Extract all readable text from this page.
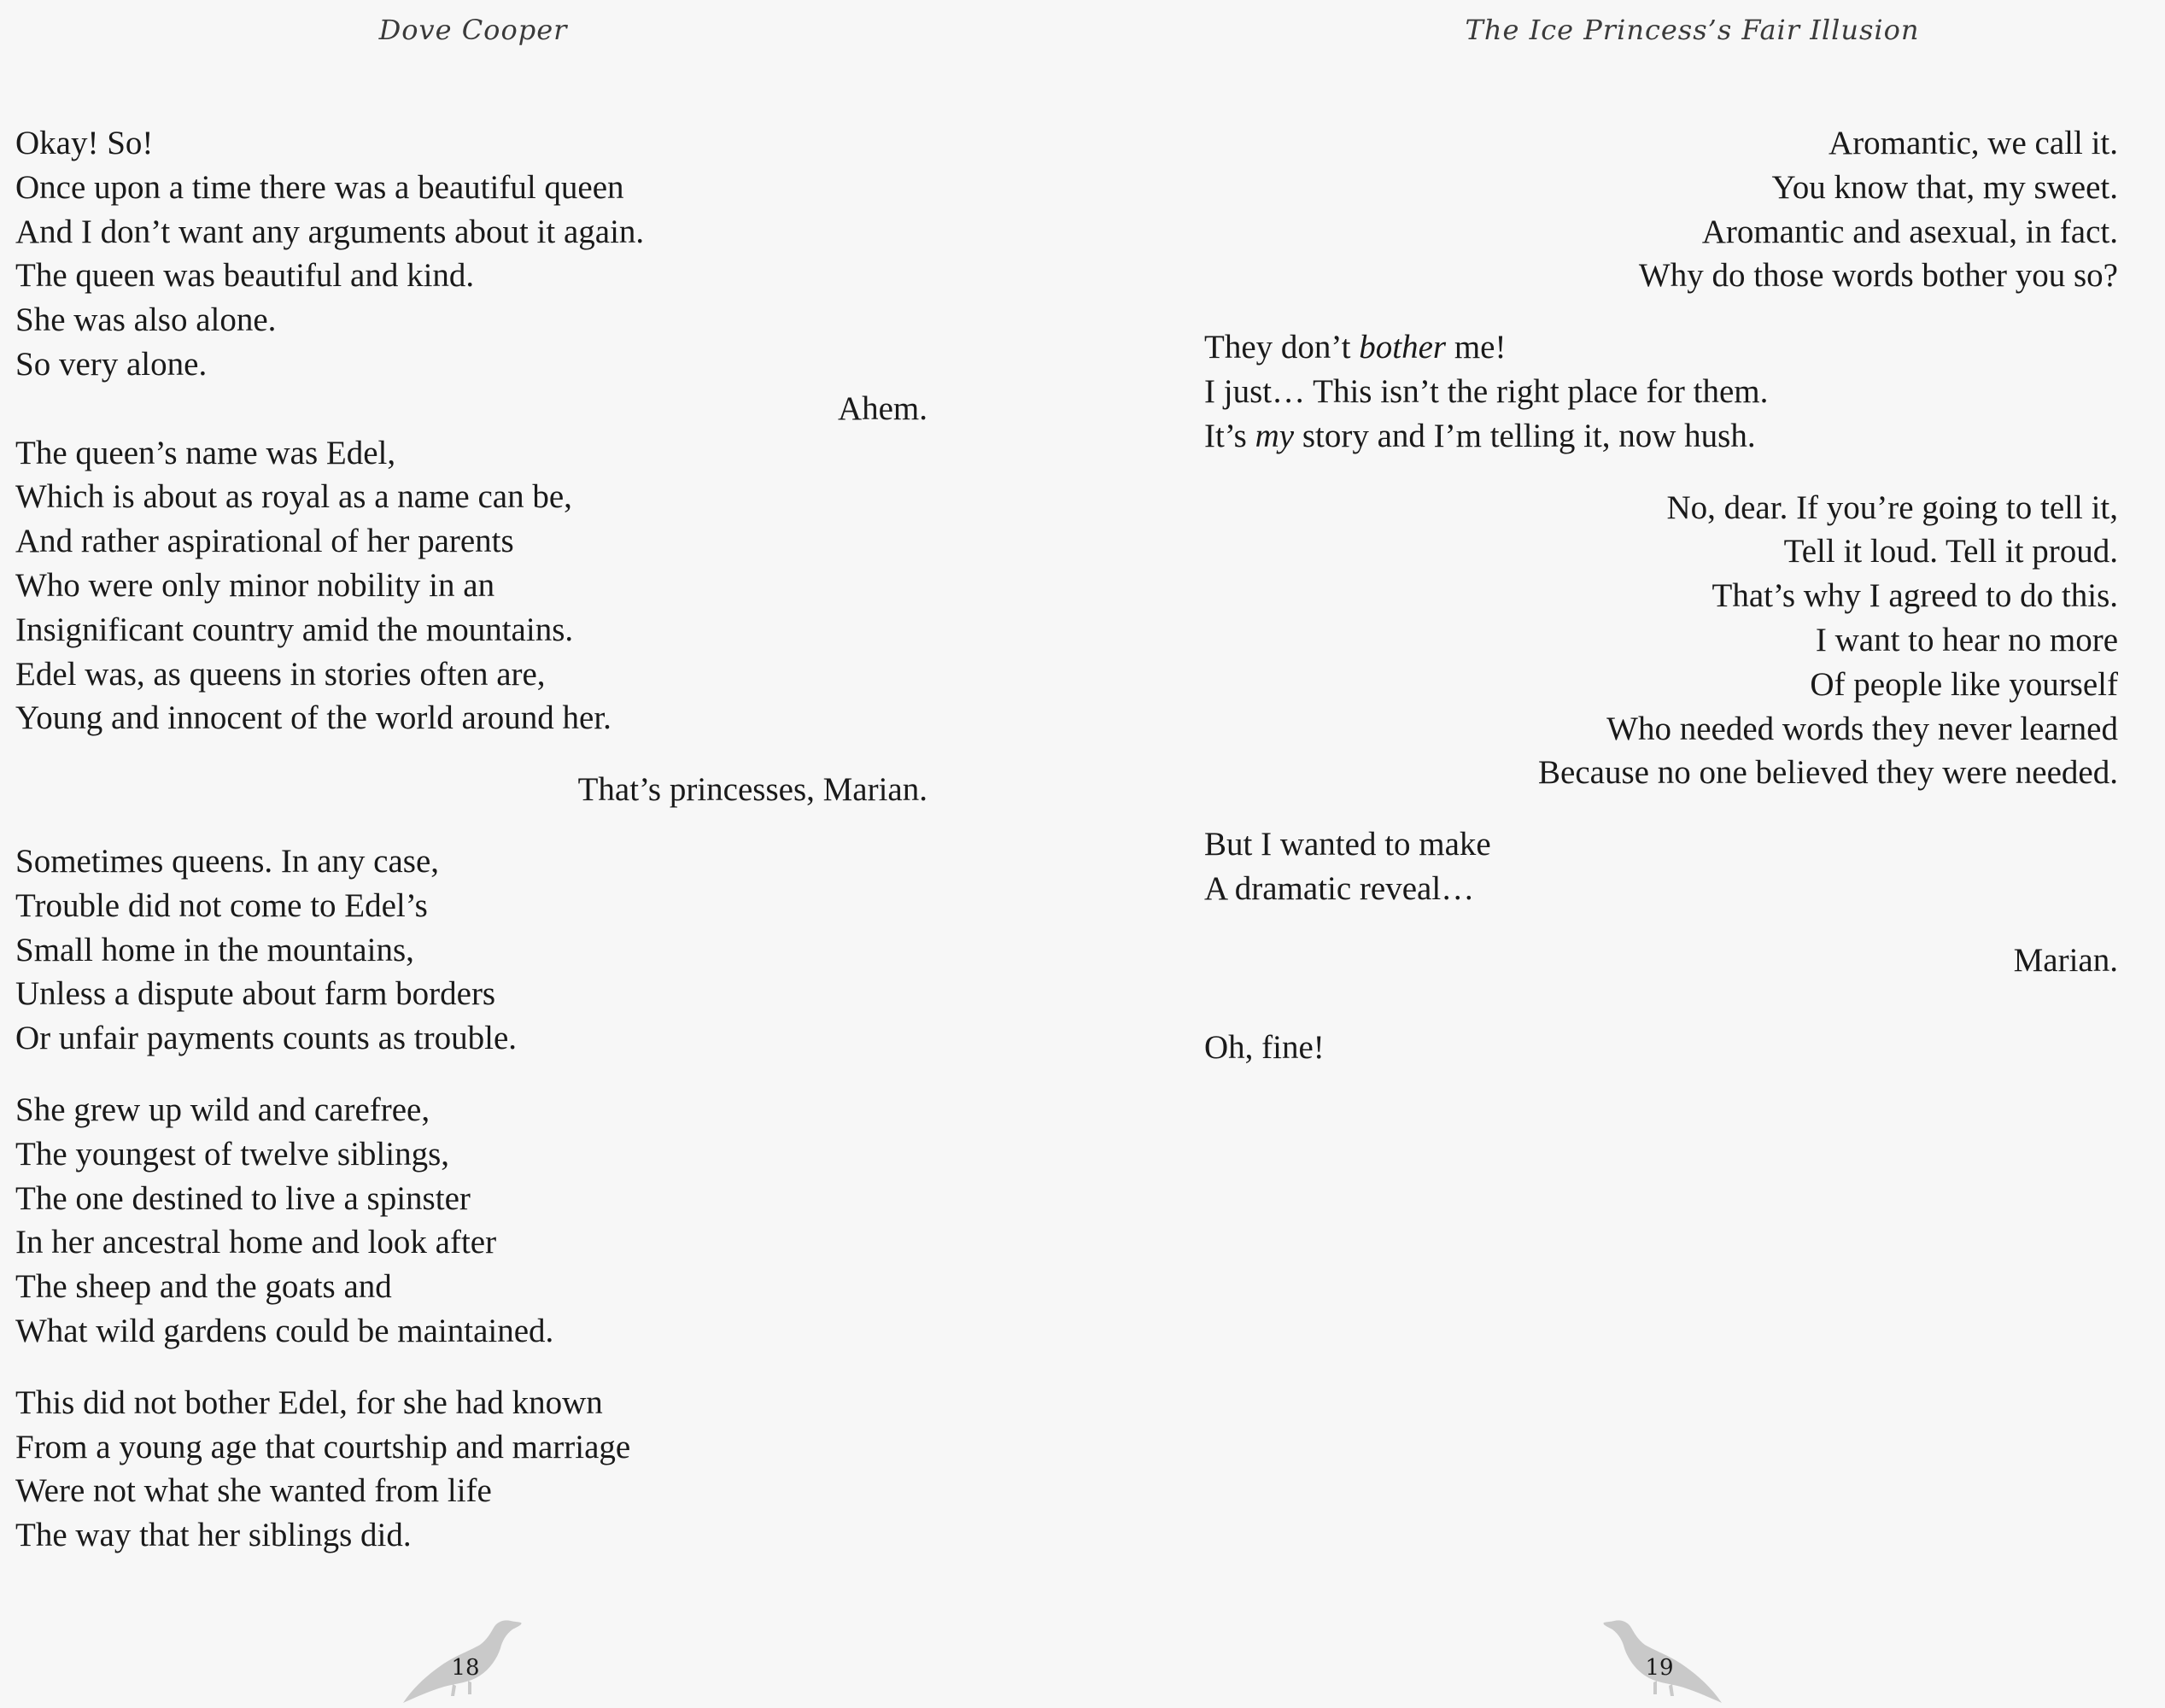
Dove Cooper
Okay! So!
Once upon a time there was a beautiful queen
And I don’t want any arguments about it again.
The queen was beautiful and kind.
She was also alone.
So very alone.
Ahem.
The queen’s name was Edel,
Which is about as royal as a name can be,
And rather aspirational of her parents
Who were only minor nobility in an
Insignificant country amid the mountains.
Edel was, as queens in stories often are,
Young and innocent of the world around her.
That’s princesses, Marian.
Sometimes queens. In any case,
Trouble did not come to Edel’s
Small home in the mountains,
Unless a dispute about farm borders
Or unfair payments counts as trouble.
She grew up wild and carefree,
The youngest of twelve siblings,
The one destined to live a spinster
In her ancestral home and look after
The sheep and the goats and
What wild gardens could be maintained.
This did not bother Edel, for she had known
From a young age that courtship and marriage
Were not what she wanted from life
The way that her siblings did.
18
The Ice Princess’s Fair Illusion
Aromantic, we call it.
You know that, my sweet.
Aromantic and asexual, in fact.
Why do those words bother you so?
They don’t bother me!
I just… This isn’t the right place for them.
It’s my story and I’m telling it, now hush.
No, dear. If you’re going to tell it,
Tell it loud. Tell it proud.
That’s why I agreed to do this.
I want to hear no more
Of people like yourself
Who needed words they never learned
Because no one believed they were needed.
But I wanted to make
A dramatic reveal…
Marian.
Oh, fine!
19
